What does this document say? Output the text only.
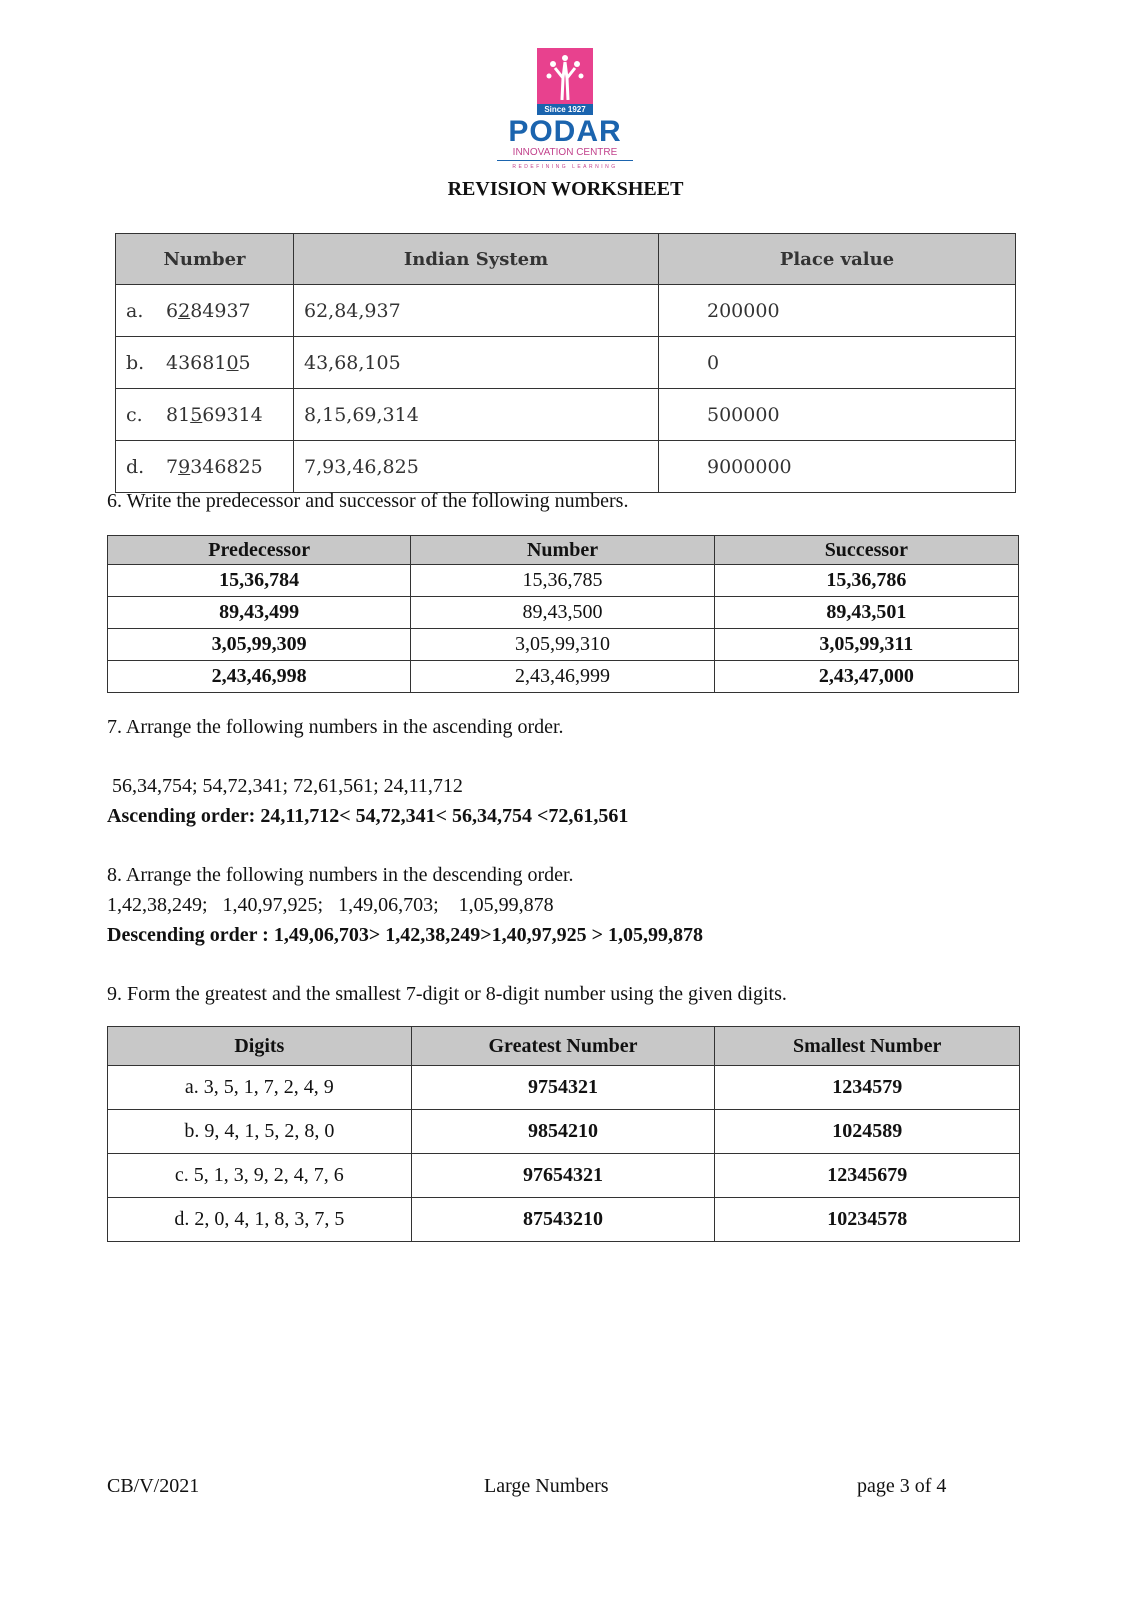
Since 1927
PODAR
INNOVATION CENTRE
REDEFINING LEARNING
REVISION WORKSHEET
Number	Indian System	Place value
a. 6284937	62,84,937	200000
b. 4368105	43,68,105	0
c. 81569314	8,15,69,314	500000
d. 79346825	7,93,46,825	9000000
6. Write the predecessor and successor of the following numbers.
Predecessor	Number	Successor
15,36,784	15,36,785	15,36,786
89,43,499	89,43,500	89,43,501
3,05,99,309	3,05,99,310	3,05,99,311
2,43,46,998	2,43,46,999	2,43,47,000
7. Arrange the following numbers in the ascending order.
56,34,754; 54,72,341; 72,61,561; 24,11,712
Ascending order: 24,11,712< 54,72,341< 56,34,754 <72,61,561
8. Arrange the following numbers in the descending order.
1,42,38,249;   1,40,97,925;   1,49,06,703;    1,05,99,878
Descending order : 1,49,06,703> 1,42,38,249>1,40,97,925 > 1,05,99,878
9. Form the greatest and the smallest 7-digit or 8-digit number using the given digits.
Digits	Greatest Number	Smallest Number
a. 3, 5, 1, 7, 2, 4, 9	9754321	1234579
b. 9, 4, 1, 5, 2, 8, 0	9854210	1024589
c. 5, 1, 3, 9, 2, 4, 7, 6	97654321	12345679
d. 2, 0, 4, 1, 8, 3, 7, 5	87543210	10234578
CB/V/2021	Large Numbers	page 3 of 4
